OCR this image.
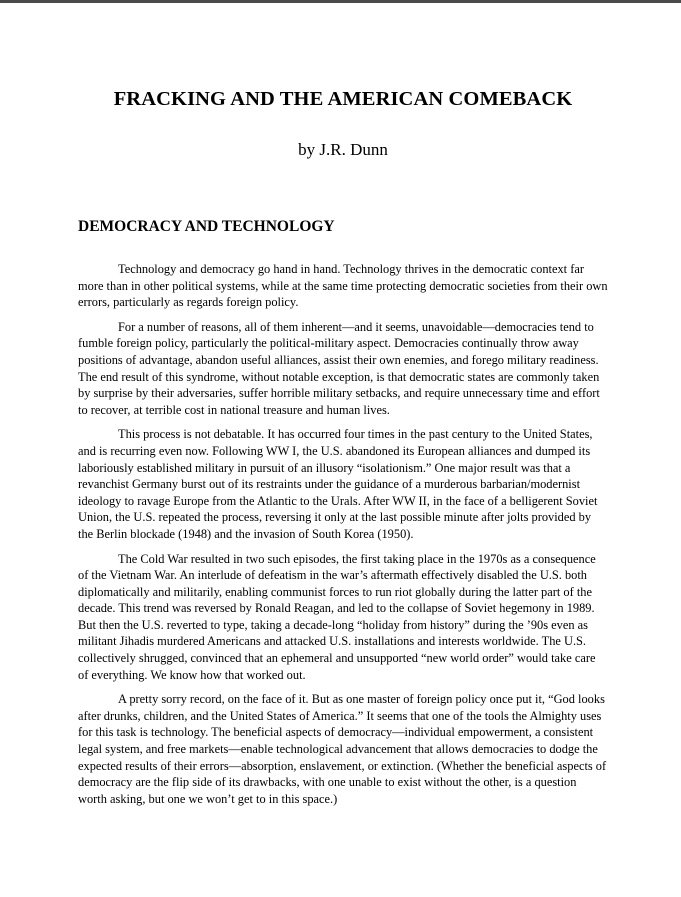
FRACKING AND THE AMERICAN COMEBACK
by J.R. Dunn
DEMOCRACY AND TECHNOLOGY

Technology and democracy go hand in hand. Technology thrives in the democratic context far more than in other political systems, while at the same time protecting democratic societies from their own errors, particularly as regards foreign policy.

For a number of reasons, all of them inherent—and it seems, unavoidable—democracies tend to fumble foreign policy, particularly the political-military aspect. Democracies continually throw away positions of advantage, abandon useful alliances, assist their own enemies, and forego military readiness. The end result of this syndrome, without notable exception, is that democratic states are commonly taken by surprise by their adversaries, suffer horrible military setbacks, and require unnecessary time and effort to recover, at terrible cost in national treasure and human lives.

This process is not debatable. It has occurred four times in the past century to the United States, and is recurring even now. Following WW I, the U.S. abandoned its European alliances and dumped its laboriously established military in pursuit of an illusory “isolationism.” One major result was that a revanchist Germany burst out of its restraints under the guidance of a murderous barbarian/modernist ideology to ravage Europe from the Atlantic to the Urals. After WW II, in the face of a belligerent Soviet Union, the U.S. repeated the process, reversing it only at the last possible minute after jolts provided by the Berlin blockade (1948) and the invasion of South Korea (1950).

The Cold War resulted in two such episodes, the first taking place in the 1970s as a consequence of the Vietnam War. An interlude of defeatism in the war’s aftermath effectively disabled the U.S. both diplomatically and militarily, enabling communist forces to run riot globally during the latter part of the decade. This trend was reversed by Ronald Reagan, and led to the collapse of Soviet hegemony in 1989. But then the U.S. reverted to type, taking a decade-long “holiday from history” during the ’90s even as militant Jihadis murdered Americans and attacked U.S. installations and interests worldwide. The U.S. collectively shrugged, convinced that an ephemeral and unsupported “new world order” would take care of everything. We know how that worked out.

A pretty sorry record, on the face of it. But as one master of foreign policy once put it, “God looks after drunks, children, and the United States of America.” It seems that one of the tools the Almighty uses for this task is technology. The beneficial aspects of democracy—individual empowerment, a consistent legal system, and free markets—enable technological advancement that allows democracies to dodge the expected results of their errors—absorption, enslavement, or extinction. (Whether the beneficial aspects of democracy are the flip side of its drawbacks, with one unable to exist without the other, is a question worth asking, but one we won’t get to in this space.)
